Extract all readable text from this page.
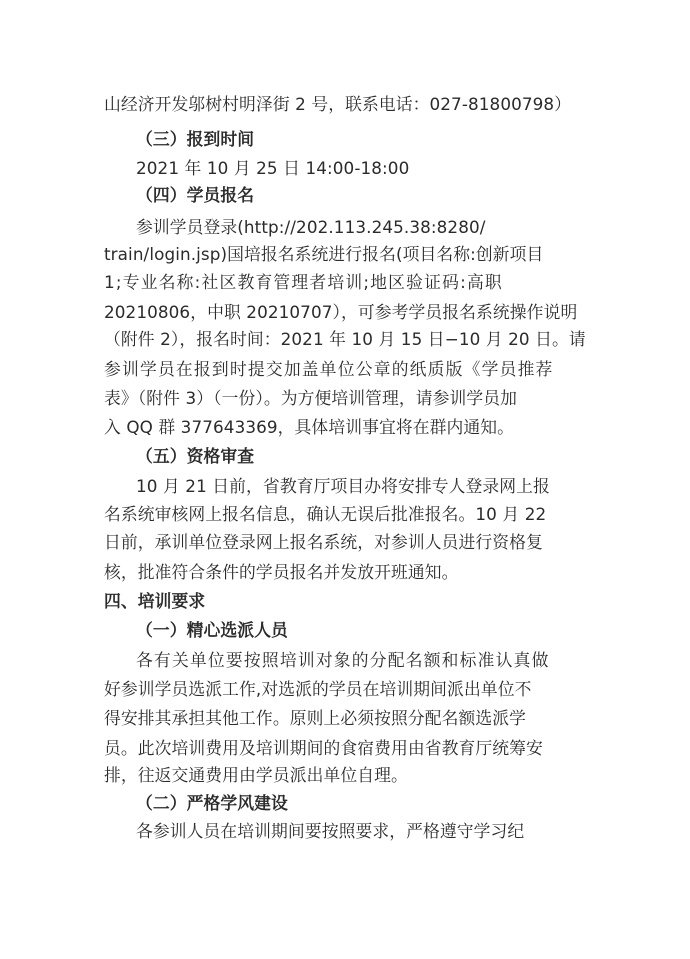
山经济开发邬树村明泽街 2 号，联系电话：027-81800798）
（三）报到时间
2021 年 10 月 25 日 14:00-18:00
（四）学员报名
参训学员登录(http://202.113.245.38:8280/
train/login.jsp)国培报名系统进行报名(项目名称:创新项目
1;专业名称:社区教育管理者培训;地区验证码:高职
20210806，中职 20210707），可参考学员报名系统操作说明
（附件 2），报名时间：2021 年 10 月 15 日−10 月 20 日。请
参训学员在报到时提交加盖单位公章的纸质版《学员推荐
表》（附件 3）（一份）。为方便培训管理，请参训学员加
入 QQ 群 377643369，具体培训事宜将在群内通知。
（五）资格审查
10 月 21 日前，省教育厅项目办将安排专人登录网上报
名系统审核网上报名信息，确认无误后批准报名。10 月 22
日前，承训单位登录网上报名系统，对参训人员进行资格复
核，批准符合条件的学员报名并发放开班通知。
四、培训要求
（一）精心选派人员
各有关单位要按照培训对象的分配名额和标准认真做
好参训学员选派工作,对选派的学员在培训期间派出单位不
得安排其承担其他工作。原则上必须按照分配名额选派学
员。此次培训费用及培训期间的食宿费用由省教育厅统筹安
排，往返交通费用由学员派出单位自理。
（二）严格学风建设
各参训人员在培训期间要按照要求，严格遵守学习纪
